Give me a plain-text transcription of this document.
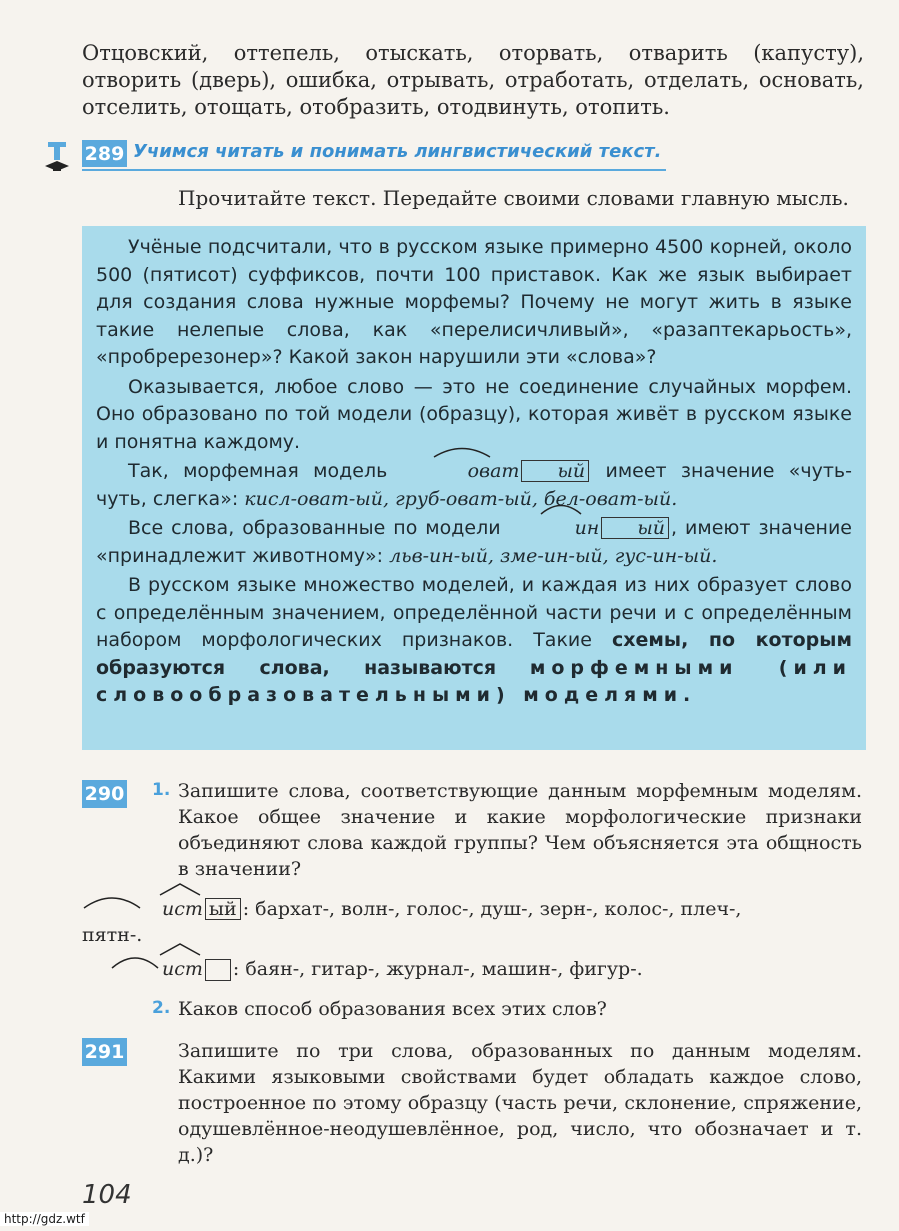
Отцовский, оттепель, отыскать, оторвать, отварить (капусту), отворить (дверь), ошибка, отрывать, отработать, отделать, основать, отселить, отощать, отобразить, отодвинуть, отопить.
289 Учимся читать и понимать лингвистический текст.
Прочитайте текст. Передайте своими словами главную мысль.

Учёные подсчитали, что в русском языке примерно 4500 корней, около 500 (пятисот) суффиксов, почти 100 приставок. Как же язык выбирает для создания слова нужные морфемы? Почему не могут жить в языке такие нелепые слова, как «перелисичливый», «разаптекарьость», «пробререзонер»? Какой закон нарушили эти «слова»?

Оказывается, любое слово — это не соединение случайных морфем. Оно образовано по той модели (образцу), которая живёт в русском языке и понятна каждому.

Так, морфемная модель	оват ый имеет значение «чуть-чуть, слегка»: кисл-оват-ый, груб-оват-ый, бел-оват-ый.

Все слова, образованные по модели	ин ый , имеют значение «принадлежит животному»: льв-ин-ый, зме-ин-ый, гус-ин-ый.

В русском языке множество моделей, и каждая из них образует слово с определённым значением, определённой части речи и с определённым набором морфологических признаков. Такие схемы, по которым образуются слова, называются морфемными (или словообразовательными) моделями.

290 1. Запишите слова, соответствующие данным морфемным моделям. Какое общее значение и какие морфологические признаки объединяют слова каждой группы? Чем объясняется эта общность в значении?
ист ый : бархат-, волн-, голос-, душ-, зерн-, колос-, плеч-,
пятн-.
ист : баян-, гитар-, журнал-, машин-, фигур-.
2. Каков способ образования всех этих слов?
291	Запишите по три слова, образованных по данным моделям. Какими языковыми свойствами будет обладать каждое слово, построенное по этому образцу (часть речи, склонение, спряжение, одушевлённое-неодушевлённое, род, число, что обозначает и т. д.)?
104
http://gdz.wtf
